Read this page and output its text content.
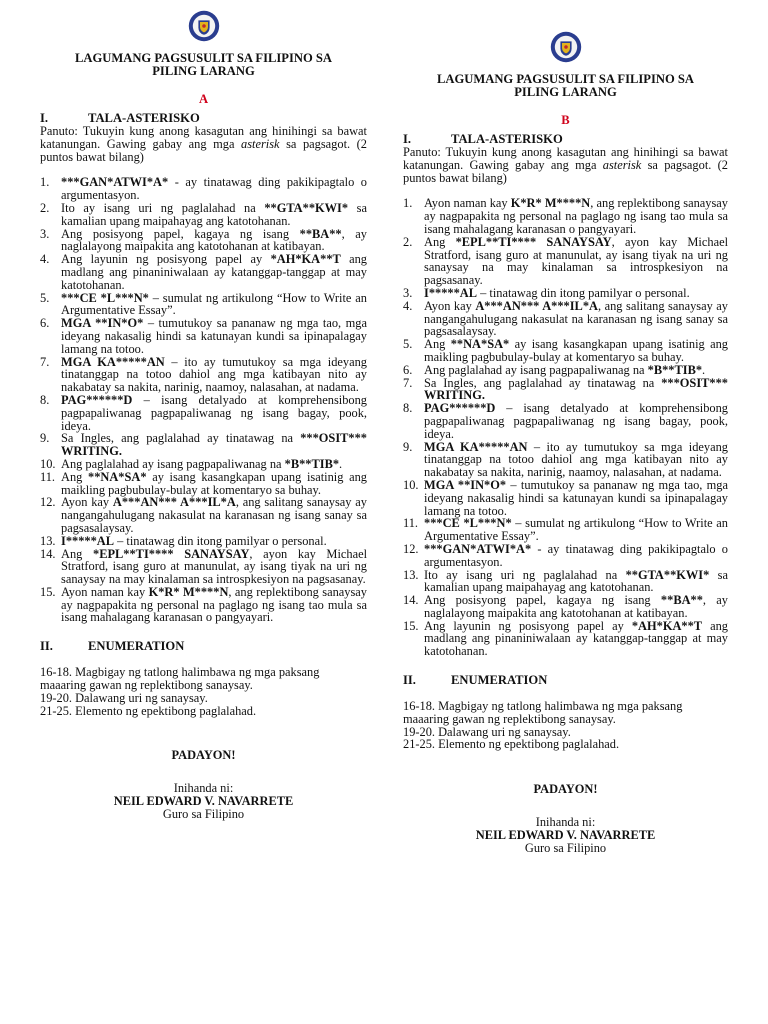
LAGUMANG PAGSUSULIT SA FILIPINO SA
PILING LARANG
A
I.	TALA-ASTERISKO
Panuto: Tukuyin kung anong kasagutan ang hinihingi sa bawat katanungan. Gawing gabay ang mga asterisk sa pagsagot. (2 puntos bawat bilang)
1. ***GAN*ATWI*A* - ay tinatawag ding pakikipagtalo o argumentasyon.
2. Ito ay isang uri ng paglalahad na **GTA**KWI* sa kamalian upang maipahayag ang katotohanan.
3. Ang posisyong papel, kagaya ng isang **BA**, ay naglalayong maipakita ang katotohanan at katibayan.
4. Ang layunin ng posisyong papel ay *AH*KA**T ang madlang ang pinaniniwalaan ay katanggap-tanggap at may katotohanan.
5. ***CE *L***N* – sumulat ng artikulong “How to Write an Argumentative Essay”.
6. MGA **IN*O* – tumutukoy sa pananaw ng mga tao, mga ideyang nakasalig hindi sa katunayan kundi sa ipinapalagay lamang na totoo.
7. MGA KA*****AN – ito ay tumutukoy sa mga ideyang tinatanggap na totoo dahiol ang mga katibayan nito ay nakabatay sa nakita, narinig, naamoy, nalasahan, at nadama.
8. PAG******D – isang detalyado at komprehensibong pagpapaliwanag pagpapaliwanag ng isang bagay, pook, ideya.
9. Sa Ingles, ang paglalahad ay tinatawag na ***OSIT*** WRITING.
10. Ang paglalahad ay isang pagpapaliwanag na *B**TIB*.
11. Ang **NA*SA* ay isang kasangkapan upang isatinig ang maikling pagbubulay-bulay at komentaryo sa buhay.
12. Ayon kay A***AN*** A***IL*A, ang salitang sanaysay ay nangangahulugang nakasulat na karanasan ng isang sanay sa pagsasalaysay.
13. I*****AL – tinatawag din itong pamilyar o personal.
14. Ang *EPL**TI**** SANAYSAY, ayon kay Michael Stratford, isang guro at manunulat, ay isang tiyak na uri ng sanaysay na may kinalaman sa introspkesiyon na pagsasanay.
15. Ayon naman kay K*R* M****N, ang replektibong sanaysay ay nagpapakita ng personal na paglago ng isang tao mula sa isang mahalagang karanasan o pangyayari.
II.	ENUMERATION
16-18. Magbigay ng tatlong halimbawa ng mga paksang maaaring gawan ng replektibong sanaysay.
19-20. Dalawang uri ng sanaysay.
21-25. Elemento ng epektibong paglalahad.
PADAYON!
Inihanda ni:
NEIL EDWARD V. NAVARRETE
Guro sa Filipino
LAGUMANG PAGSUSULIT SA FILIPINO SA
PILING LARANG
B
I.	TALA-ASTERISKO
Panuto: Tukuyin kung anong kasagutan ang hinihingi sa bawat katanungan. Gawing gabay ang mga asterisk sa pagsagot. (2 puntos bawat bilang)
1. Ayon naman kay K*R* M****N, ang replektibong sanaysay ay nagpapakita ng personal na paglago ng isang tao mula sa isang mahalagang karanasan o pangyayari.
2. Ang *EPL**TI**** SANAYSAY, ayon kay Michael Stratford, isang guro at manunulat, ay isang tiyak na uri ng sanaysay na may kinalaman sa introspkesiyon na pagsasanay.
3. I*****AL – tinatawag din itong pamilyar o personal.
4. Ayon kay A***AN*** A***IL*A, ang salitang sanaysay ay nangangahulugang nakasulat na karanasan ng isang sanay sa pagsasalaysay.
5. Ang **NA*SA* ay isang kasangkapan upang isatinig ang maikling pagbubulay-bulay at komentaryo sa buhay.
6. Ang paglalahad ay isang pagpapaliwanag na *B**TIB*.
7. Sa Ingles, ang paglalahad ay tinatawag na ***OSIT*** WRITING.
8. PAG******D – isang detalyado at komprehensibong pagpapaliwanag pagpapaliwanag ng isang bagay, pook, ideya.
9. MGA KA*****AN – ito ay tumutukoy sa mga ideyang tinatanggap na totoo dahiol ang mga katibayan nito ay nakabatay sa nakita, narinig, naamoy, nalasahan, at nadama.
10. MGA **IN*O* – tumutukoy sa pananaw ng mga tao, mga ideyang nakasalig hindi sa katunayan kundi sa ipinapalagay lamang na totoo.
11. ***CE *L***N* – sumulat ng artikulong “How to Write an Argumentative Essay”.
12. ***GAN*ATWI*A* - ay tinatawag ding pakikipagtalo o argumentasyon.
13. Ito ay isang uri ng paglalahad na **GTA**KWI* sa kamalian upang maipahayag ang katotohanan.
14. Ang posisyong papel, kagaya ng isang **BA**, ay naglalayong maipakita ang katotohanan at katibayan.
15. Ang layunin ng posisyong papel ay *AH*KA**T ang madlang ang pinaniniwalaan ay katanggap-tanggap at may katotohanan.
II.	ENUMERATION
16-18. Magbigay ng tatlong halimbawa ng mga paksang maaaring gawan ng replektibong sanaysay.
19-20. Dalawang uri ng sanaysay.
21-25. Elemento ng epektibong paglalahad.
PADAYON!
Inihanda ni:
NEIL EDWARD V. NAVARRETE
Guro sa Filipino
